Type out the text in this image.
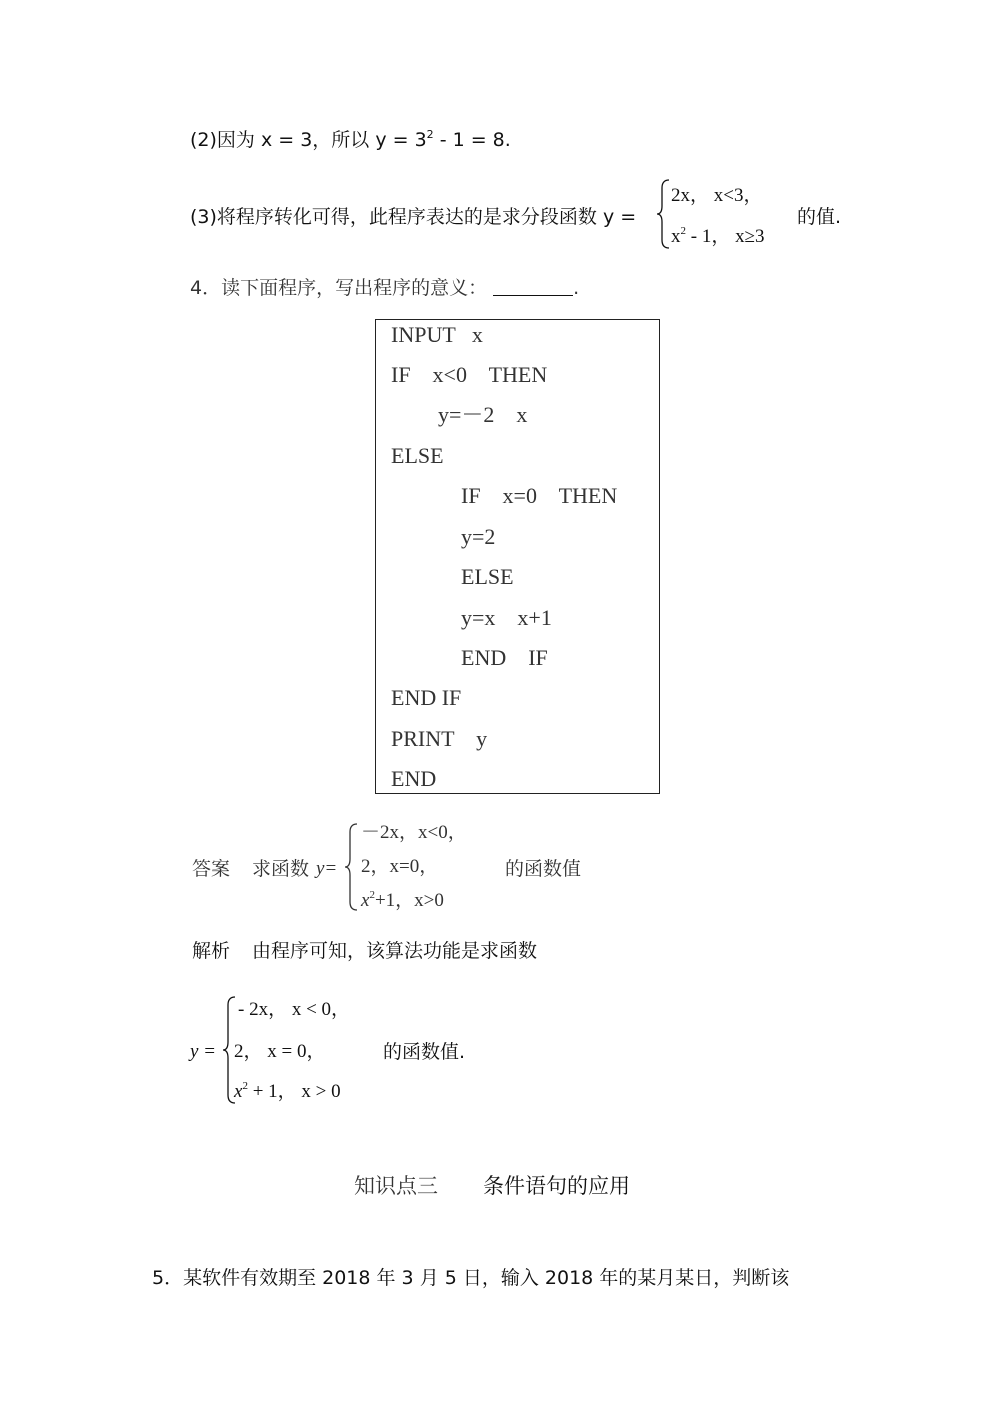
(2)因为 x = 3，所以 $y = 3^2 - 1 = 8$.
(3)将程序转化可得，此程序表达的是求分段函数 y =
2x， x<3，
$x^2 - 1$， x≥3
的值.
4．读下面程序，写出程序的意义：	.
INPUT   x
IF    x<0    THEN
y=－2    x
ELSE
IF    x=0    THEN
y=2
ELSE
y=x    x+1
END    IF
END IF
PRINT    y
END
答案 求函数 y=
－2x，x<0，
2，x=0，
$x^2+1$，x>0
的函数值
解析 由程序可知，该算法功能是求函数
y =
- 2x， x < 0，
2， x = 0，
$x^2 + 1$， x > 0
的函数值.
知识点三 条件语句的应用
5．某软件有效期至 2018 年 3 月 5 日，输入 2018 年的某月某日，判断该
